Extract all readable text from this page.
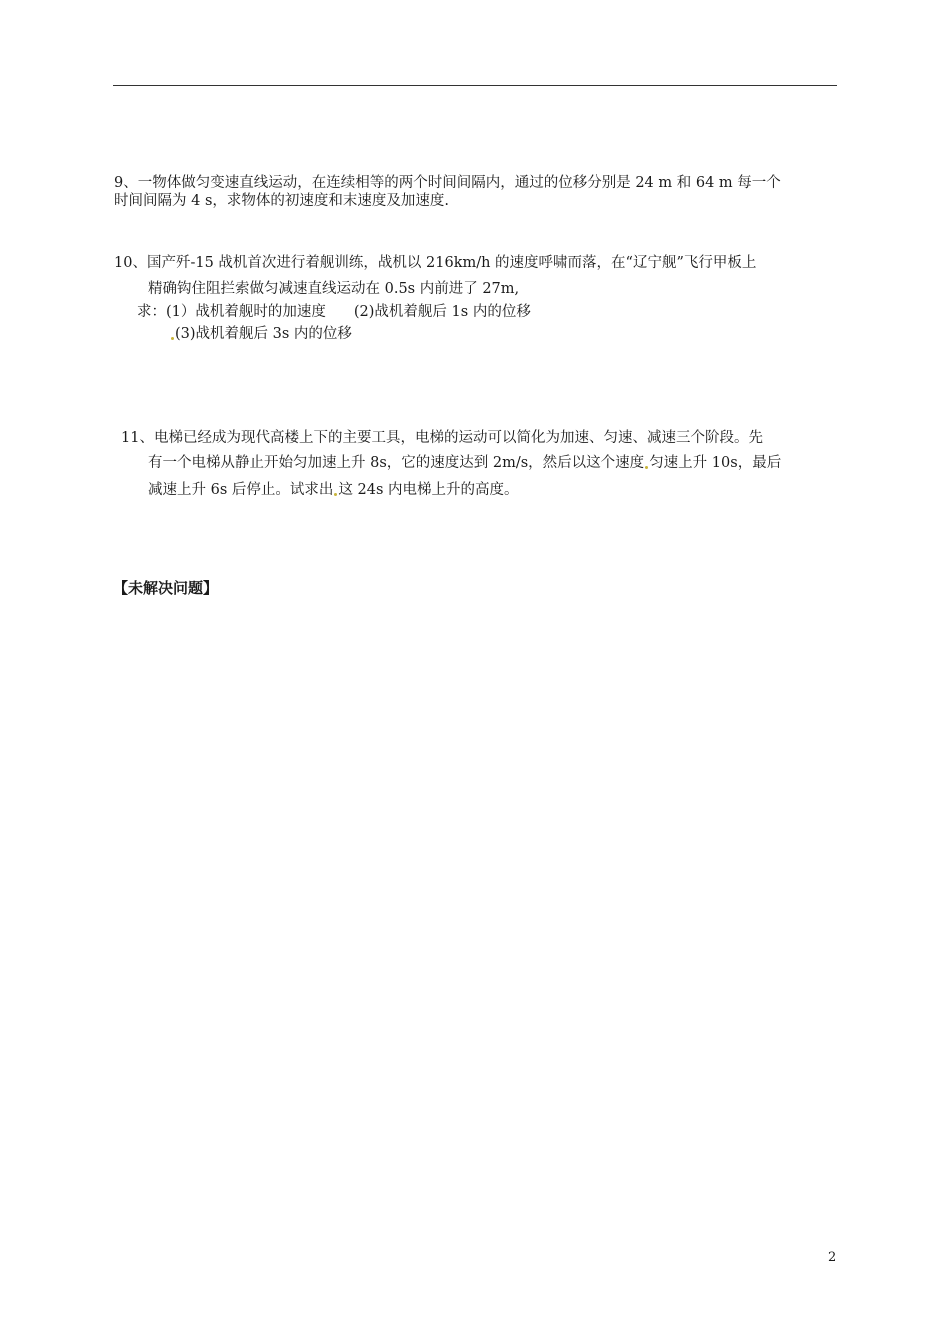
9、一物体做匀变速直线运动，在连续相等的两个时间间隔内，通过的位移分别是 24 m 和 64 m 每一个
时间间隔为 4 s，求物体的初速度和末速度及加速度.
10、国产歼-15 战机首次进行着舰训练，战机以 216km/h 的速度呼啸而落，在“辽宁舰”飞行甲板上
精确钩住阻拦索做匀减速直线运动在 0.5s 内前进了 27m,
求：(1）战机着舰时的加速度 (2)战机着舰后 1s 内的位移
(3)战机着舰后 3s 内的位移
11、电梯已经成为现代高楼上下的主要工具，电梯的运动可以简化为加速、匀速、减速三个阶段。先
有一个电梯从静止开始匀加速上升 8s，它的速度达到 2m/s，然后以这个速度 匀速上升 10s，最后
减速上升 6s 后停止。试求出 这 24s 内电梯上升的高度。
【未解决问题】
2
